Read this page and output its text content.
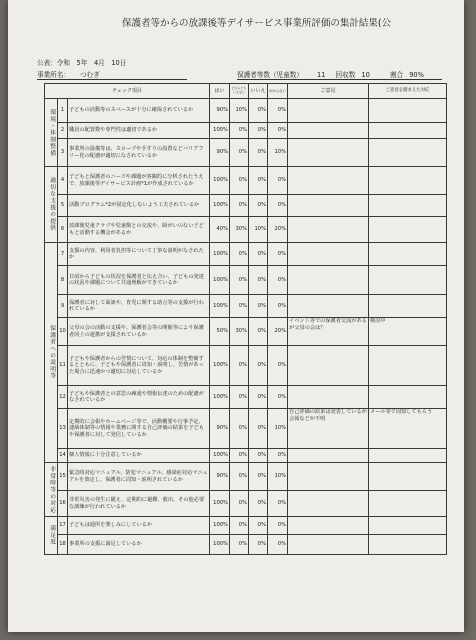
保護者等からの放課後等デイサービス事業所評価の集計結果(公
公表：令和　5年　4月　10日
事業所名： つむぎ	保護者等数（児童数） 11 回収数 10	割合 90%
チェック項目			はい	どちらともいえない	いいえ	わからない	ご意見	ご意見を踏まえた対応
環境・体制整備	1	子どもの活動等のスペースが十分に確保されているか	90%	10%	0%	0%		
	2	職員の配置数や専門性は適切であるか	100%	0%	0%	0%		
	3	事業所の設備等は、スロープや手すりの設置などバリアフリー化の配慮が適切になされているか	90%	0%	0%	10%		
適切な支援の提供	4	子どもと保護者のニーズや課題が客観的に分析されたうえで、放課後等デイサービス計画*1が作成されているか	100%	0%	0%	0%		
	5	活動プログラム*2が固定化しないよう工夫されているか	100%	0%	0%	0%		
	6	放課後児童クラブや児童館との交流や、障がいのない子どもと活動する機会があるか	40%	30%	10%	20%		
保護者への説明等	7	支援の内容、利用者負担等について丁寧な説明がなされたか	100%	0%	0%	0%		
	8	日頃から子どもの状況を保護者と伝え合い、子どもの発達の状況や課題について共通理解ができているか	100%	0%	0%	0%		
	9	保護者に対して面談や、育児に関する助言等の支援が行われているか	100%	0%	0%	0%		
	10	父母の会の活動の支援や、保護者会等の開催等により保護者同士の連携が支援されているか	50%	30%	0%	20%	イベント等での保護者交流があるが父母の会は？	検討中
	11	子どもや保護者からの苦情について、対応の体制を整備するとともに、子どもや保護者に周知・説明し、苦情があった場合に迅速かつ適切に対応しているか	100%	0%	0%	0%		
	12	子どもや保護者との意思の疎通や情報伝達のための配慮がなされているか	100%	0%	0%	0%		
	13	定期的に会報やホームページ等で、活動概要や行事予定、連絡体制等の情報や業務に関する自己評価の結果を子どもや保護者に対して発信しているか	90%	0%	0%	10%	自己評価の結果は発表しているが会報などが不明	メール等で周知してもらう
	14	個人情報に十分注意しているか	100%	0%	0%	0%		
非常時等の対応	15	緊急時対応マニュアル、防犯マニュアル、感染症対応マニュアルを策定し、保護者に周知・説明されているか	90%	0%	0%	10%		
	16	非常災害の発生に備え、定期的に避難、救出、その他必要な訓練が行われているか	100%	0%	0%	0%		
満足度	17	子どもは通所を楽しみにしているか	100%	0%	0%	0%		
	18	事業所の支援に満足しているか	100%	0%	0%	0%		
